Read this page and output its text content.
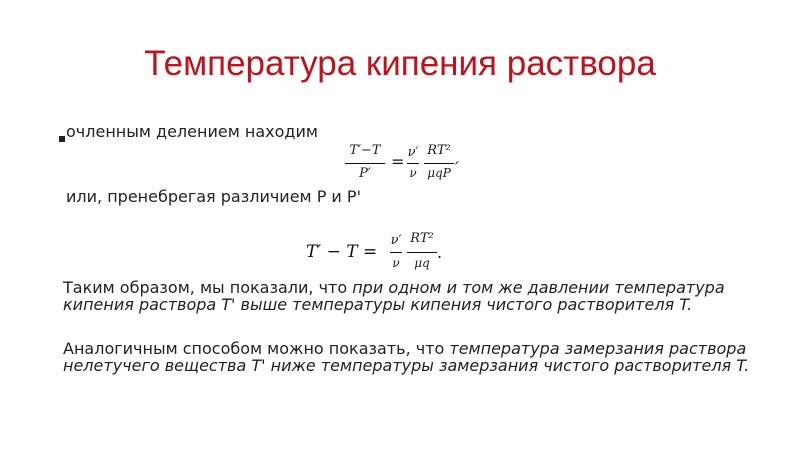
Температура кипения раствора
очленным делением находим
T′−T
P′
= ν′
ν
RT²
μqP ′
или, пренебрегая различием P и P'
T′ − T =
ν′
ν
RT²
μq
.
Таким образом, мы показали, что при одном и том же давлении температура кипения раствора T' выше температуры кипения чистого растворителя T.
Аналогичным способом можно показать, что температура замерзания раствора нелетучего вещества T' ниже температуры замерзания чистого растворителя T.
